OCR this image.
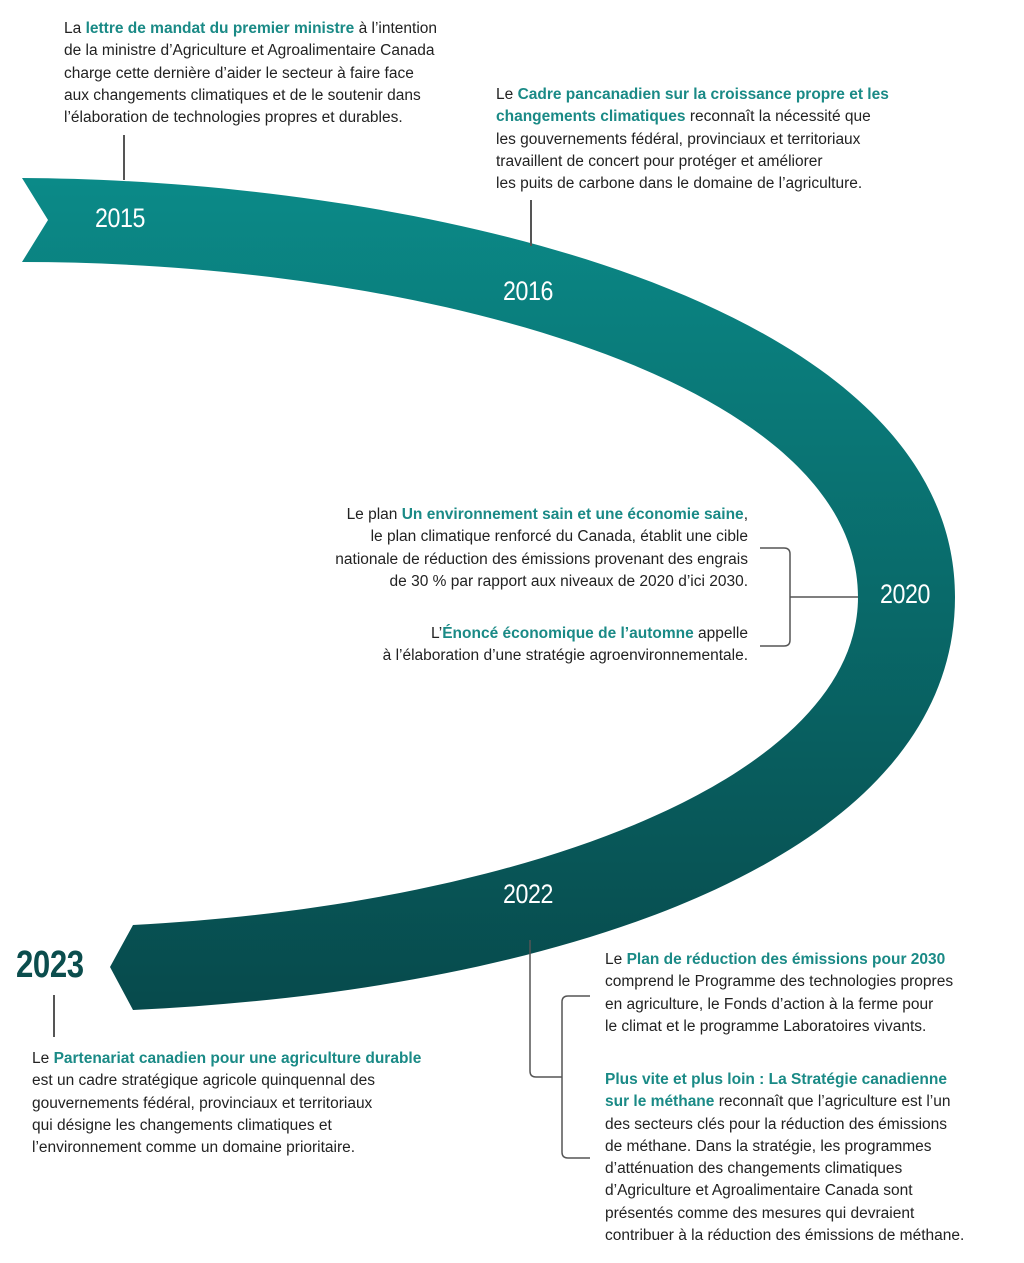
2015
2016
2020
2022
2023
La lettre de mandat du premier ministre à l’intention
de la ministre d’Agriculture et Agroalimentaire Canada
charge cette dernière d’aider le secteur à faire face
aux changements climatiques et de le soutenir dans
l’élaboration de technologies propres et durables.
Le Cadre pancanadien sur la croissance propre et les
changements climatiques reconnaît la nécessité que
les gouvernements fédéral, provinciaux et territoriaux
travaillent de concert pour protéger et améliorer
les puits de carbone dans le domaine de l’agriculture.
Le plan Un environnement sain et une économie saine,
le plan climatique renforcé du Canada, établit une cible
nationale de réduction des émissions provenant des engrais
de 30 % par rapport aux niveaux de 2020 d’ici 2030.
L’Énoncé économique de l’automne appelle
à l’élaboration d’une stratégie agroenvironnementale.
Le Plan de réduction des émissions pour 2030
comprend le Programme des technologies propres
en agriculture, le Fonds d’action à la ferme pour
le climat et le programme Laboratoires vivants.
Plus vite et plus loin : La Stratégie canadienne
sur le méthane reconnaît que l’agriculture est l’un
des secteurs clés pour la réduction des émissions
de méthane. Dans la stratégie, les programmes
d’atténuation des changements climatiques
d’Agriculture et Agroalimentaire Canada sont
présentés comme des mesures qui devraient
contribuer à la réduction des émissions de méthane.
Le Partenariat canadien pour une agriculture durable
est un cadre stratégique agricole quinquennal des
gouvernements fédéral, provinciaux et territoriaux
qui désigne les changements climatiques et
l’environnement comme un domaine prioritaire.
